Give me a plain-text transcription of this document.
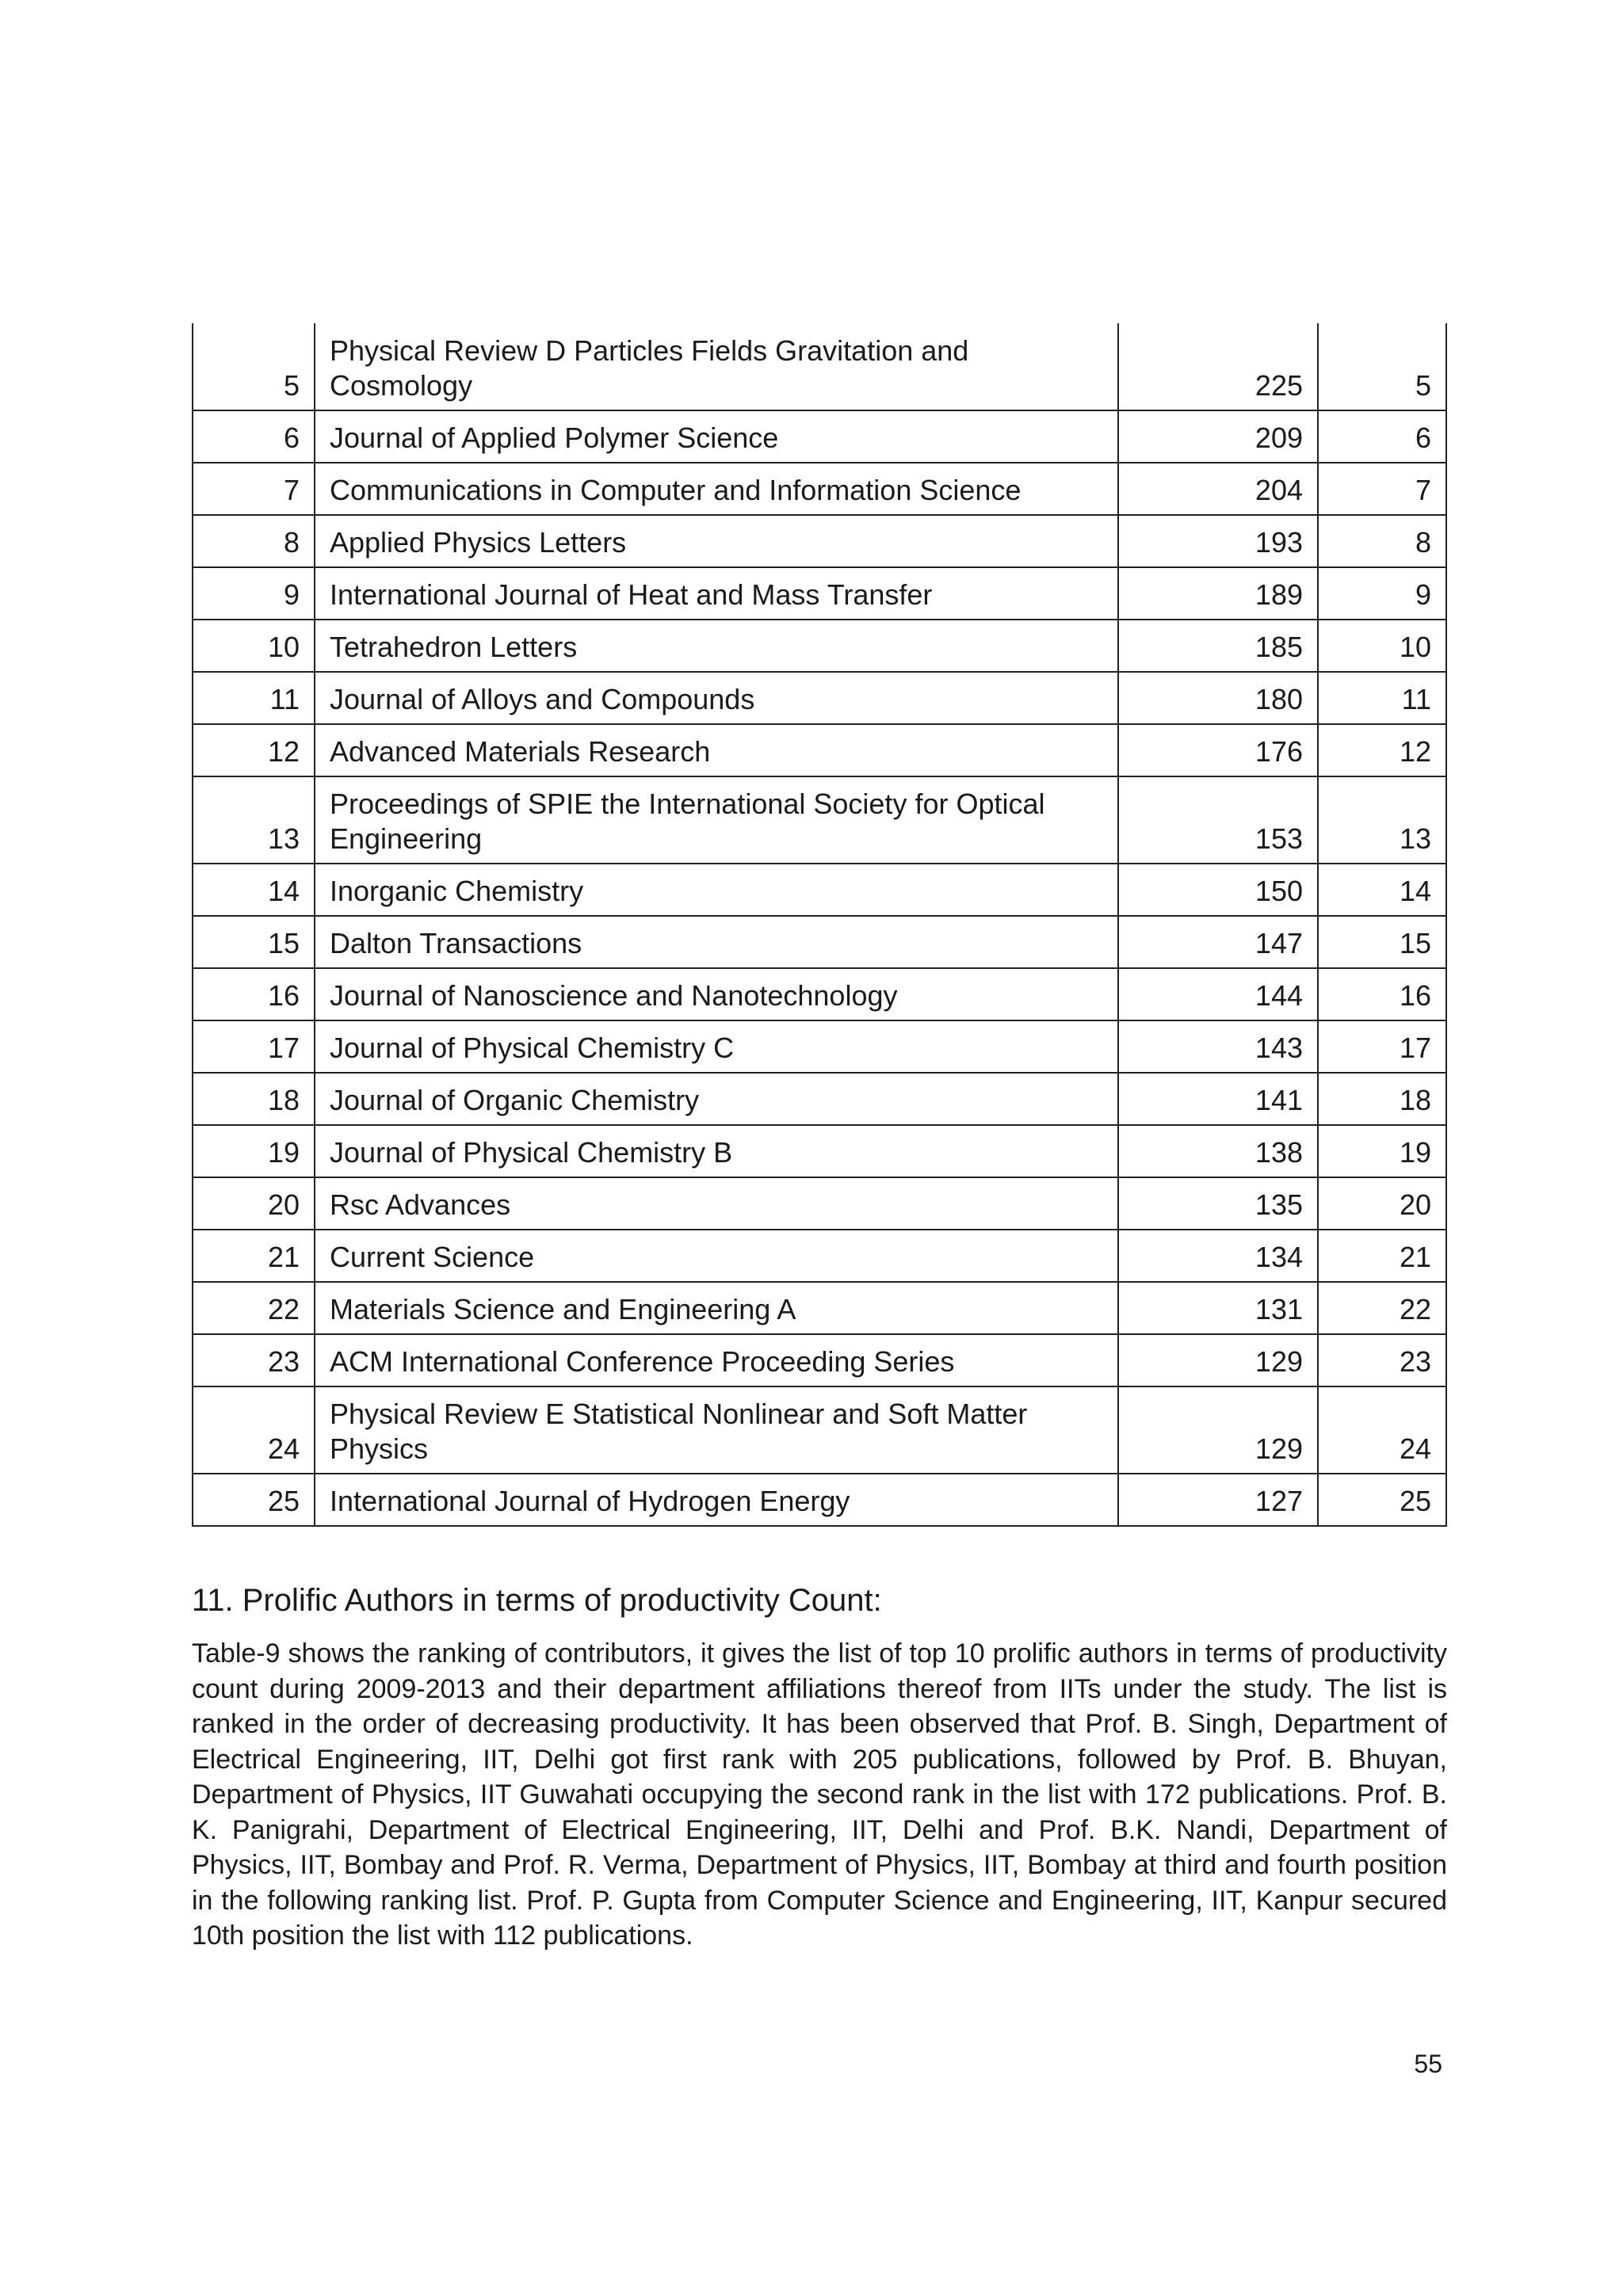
5	Physical Review D Particles Fields Gravitation and
Cosmology	225	5
6	Journal of Applied Polymer Science	209	6
7	Communications in Computer and Information Science	204	7
8	Applied Physics Letters	193	8
9	International Journal of Heat and Mass Transfer	189	9
10	Tetrahedron Letters	185	10
11	Journal of Alloys and Compounds	180	11
12	Advanced Materials Research	176	12
13	Proceedings of SPIE the International Society for Optical
Engineering	153	13
14	Inorganic Chemistry	150	14
15	Dalton Transactions	147	15
16	Journal of Nanoscience and Nanotechnology	144	16
17	Journal of Physical Chemistry C	143	17
18	Journal of Organic Chemistry	141	18
19	Journal of Physical Chemistry B	138	19
20	Rsc Advances	135	20
21	Current Science	134	21
22	Materials Science and Engineering A	131	22
23	ACM International Conference Proceeding Series	129	23
24	Physical Review E Statistical Nonlinear and Soft Matter
Physics	129	24
25	International Journal of Hydrogen Energy	127	25
11. Prolific Authors in terms of productivity Count:

Table-9 shows the ranking of contributors, it gives the list of top 10 prolific authors in terms of productivity count during 2009-2013 and their department affiliations thereof from IITs under the study. The list is ranked in the order of decreasing productivity. It has been observed that Prof. B. Singh, Department of Electrical Engineering, IIT, Delhi got first rank with 205 publications, followed by Prof. B. Bhuyan, Department of Physics, IIT Guwahati occupying the second rank in the list with 172 publications. Prof. B. K. Panigrahi, Department of Electrical Engineering, IIT, Delhi and Prof. B.K. Nandi, Department of Physics, IIT, Bombay and Prof. R. Verma, Department of Physics, IIT, Bombay at third and fourth position in the following ranking list. Prof. P. Gupta from Computer Science and Engineering, IIT, Kanpur secured 10th position the list with 112 publications.

55
